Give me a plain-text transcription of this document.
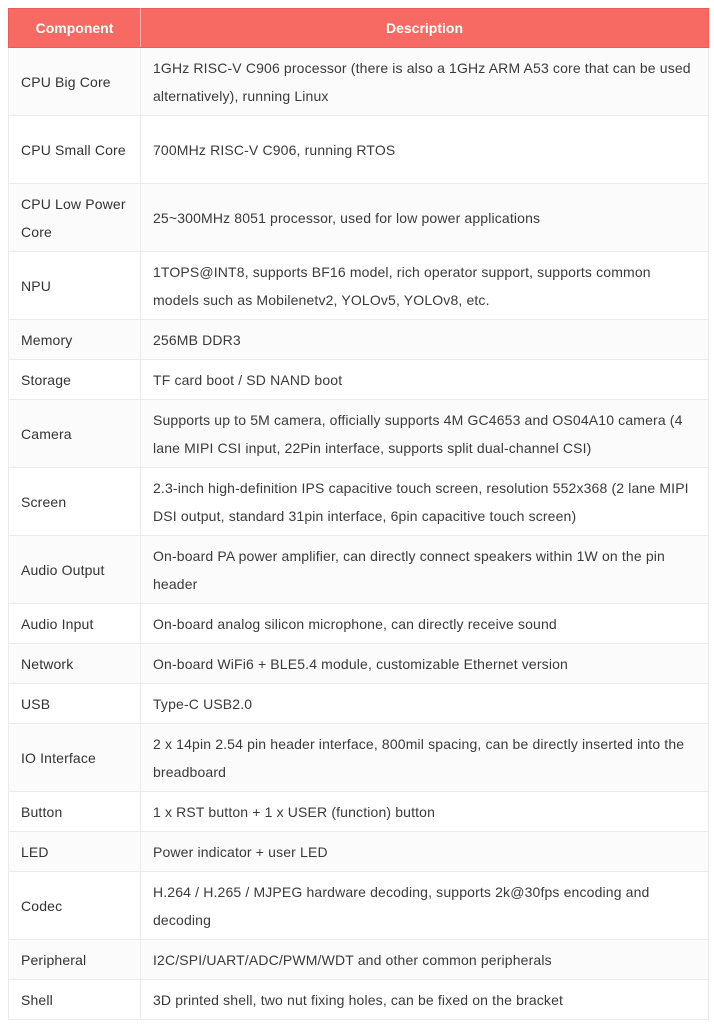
Component	Description
CPU Big Core	1GHz RISC-V C906 processor (there is also a 1GHz ARM A53 core that can be used alternatively), running Linux
CPU Small Core	700MHz RISC-V C906, running RTOS
CPU Low Power Core	25~300MHz 8051 processor, used for low power applications
NPU	1TOPS@INT8, supports BF16 model, rich operator support, supports common models such as Mobilenetv2, YOLOv5, YOLOv8, etc.
Memory	256MB DDR3
Storage	TF card boot / SD NAND boot
Camera	Supports up to 5M camera, officially supports 4M GC4653 and OS04A10 camera (4 lane MIPI CSI input, 22Pin interface, supports split dual-channel CSI)
Screen	2.3-inch high-definition IPS capacitive touch screen, resolution 552x368 (2 lane MIPI DSI output, standard 31pin interface, 6pin capacitive touch screen)
Audio Output	On-board PA power amplifier, can directly connect speakers within 1W on the pin header
Audio Input	On-board analog silicon microphone, can directly receive sound
Network	On-board WiFi6 + BLE5.4 module, customizable Ethernet version
USB	Type-C USB2.0
IO Interface	2 x 14pin 2.54 pin header interface, 800mil spacing, can be directly inserted into the breadboard
Button	1 x RST button + 1 x USER (function) button
LED	Power indicator + user LED
Codec	H.264 / H.265 / MJPEG hardware decoding, supports 2k@30fps encoding and decoding
Peripheral	I2C/SPI/UART/ADC/PWM/WDT and other common peripherals
Shell	3D printed shell, two nut fixing holes, can be fixed on the bracket
